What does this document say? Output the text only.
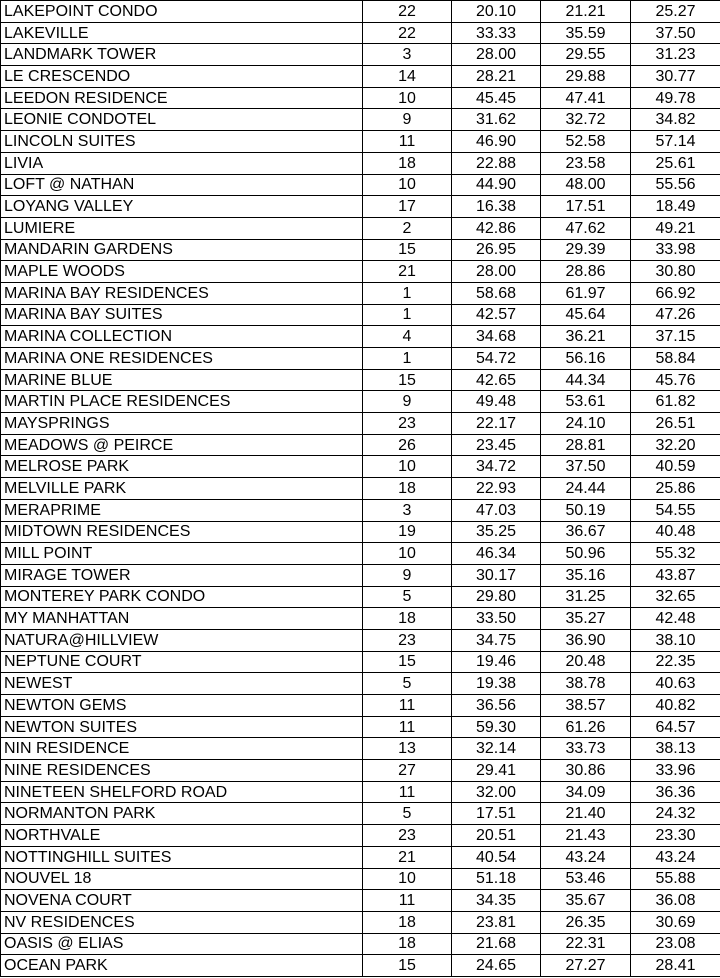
LAKEPOINT CONDO	22	20.10	21.21	25.27
LAKEVILLE	22	33.33	35.59	37.50
LANDMARK TOWER	3	28.00	29.55	31.23
LE CRESCENDO	14	28.21	29.88	30.77
LEEDON RESIDENCE	10	45.45	47.41	49.78
LEONIE CONDOTEL	9	31.62	32.72	34.82
LINCOLN SUITES	11	46.90	52.58	57.14
LIVIA	18	22.88	23.58	25.61
LOFT @ NATHAN	10	44.90	48.00	55.56
LOYANG VALLEY	17	16.38	17.51	18.49
LUMIERE	2	42.86	47.62	49.21
MANDARIN GARDENS	15	26.95	29.39	33.98
MAPLE WOODS	21	28.00	28.86	30.80
MARINA BAY RESIDENCES	1	58.68	61.97	66.92
MARINA BAY SUITES	1	42.57	45.64	47.26
MARINA COLLECTION	4	34.68	36.21	37.15
MARINA ONE RESIDENCES	1	54.72	56.16	58.84
MARINE BLUE	15	42.65	44.34	45.76
MARTIN PLACE RESIDENCES	9	49.48	53.61	61.82
MAYSPRINGS	23	22.17	24.10	26.51
MEADOWS @ PEIRCE	26	23.45	28.81	32.20
MELROSE PARK	10	34.72	37.50	40.59
MELVILLE PARK	18	22.93	24.44	25.86
MERAPRIME	3	47.03	50.19	54.55
MIDTOWN RESIDENCES	19	35.25	36.67	40.48
MILL POINT	10	46.34	50.96	55.32
MIRAGE TOWER	9	30.17	35.16	43.87
MONTEREY PARK CONDO	5	29.80	31.25	32.65
MY MANHATTAN	18	33.50	35.27	42.48
NATURA@HILLVIEW	23	34.75	36.90	38.10
NEPTUNE COURT	15	19.46	20.48	22.35
NEWEST	5	19.38	38.78	40.63
NEWTON GEMS	11	36.56	38.57	40.82
NEWTON SUITES	11	59.30	61.26	64.57
NIN RESIDENCE	13	32.14	33.73	38.13
NINE RESIDENCES	27	29.41	30.86	33.96
NINETEEN SHELFORD ROAD	11	32.00	34.09	36.36
NORMANTON PARK	5	17.51	21.40	24.32
NORTHVALE	23	20.51	21.43	23.30
NOTTINGHILL SUITES	21	40.54	43.24	43.24
NOUVEL 18	10	51.18	53.46	55.88
NOVENA COURT	11	34.35	35.67	36.08
NV RESIDENCES	18	23.81	26.35	30.69
OASIS @ ELIAS	18	21.68	22.31	23.08
OCEAN PARK	15	24.65	27.27	28.41
